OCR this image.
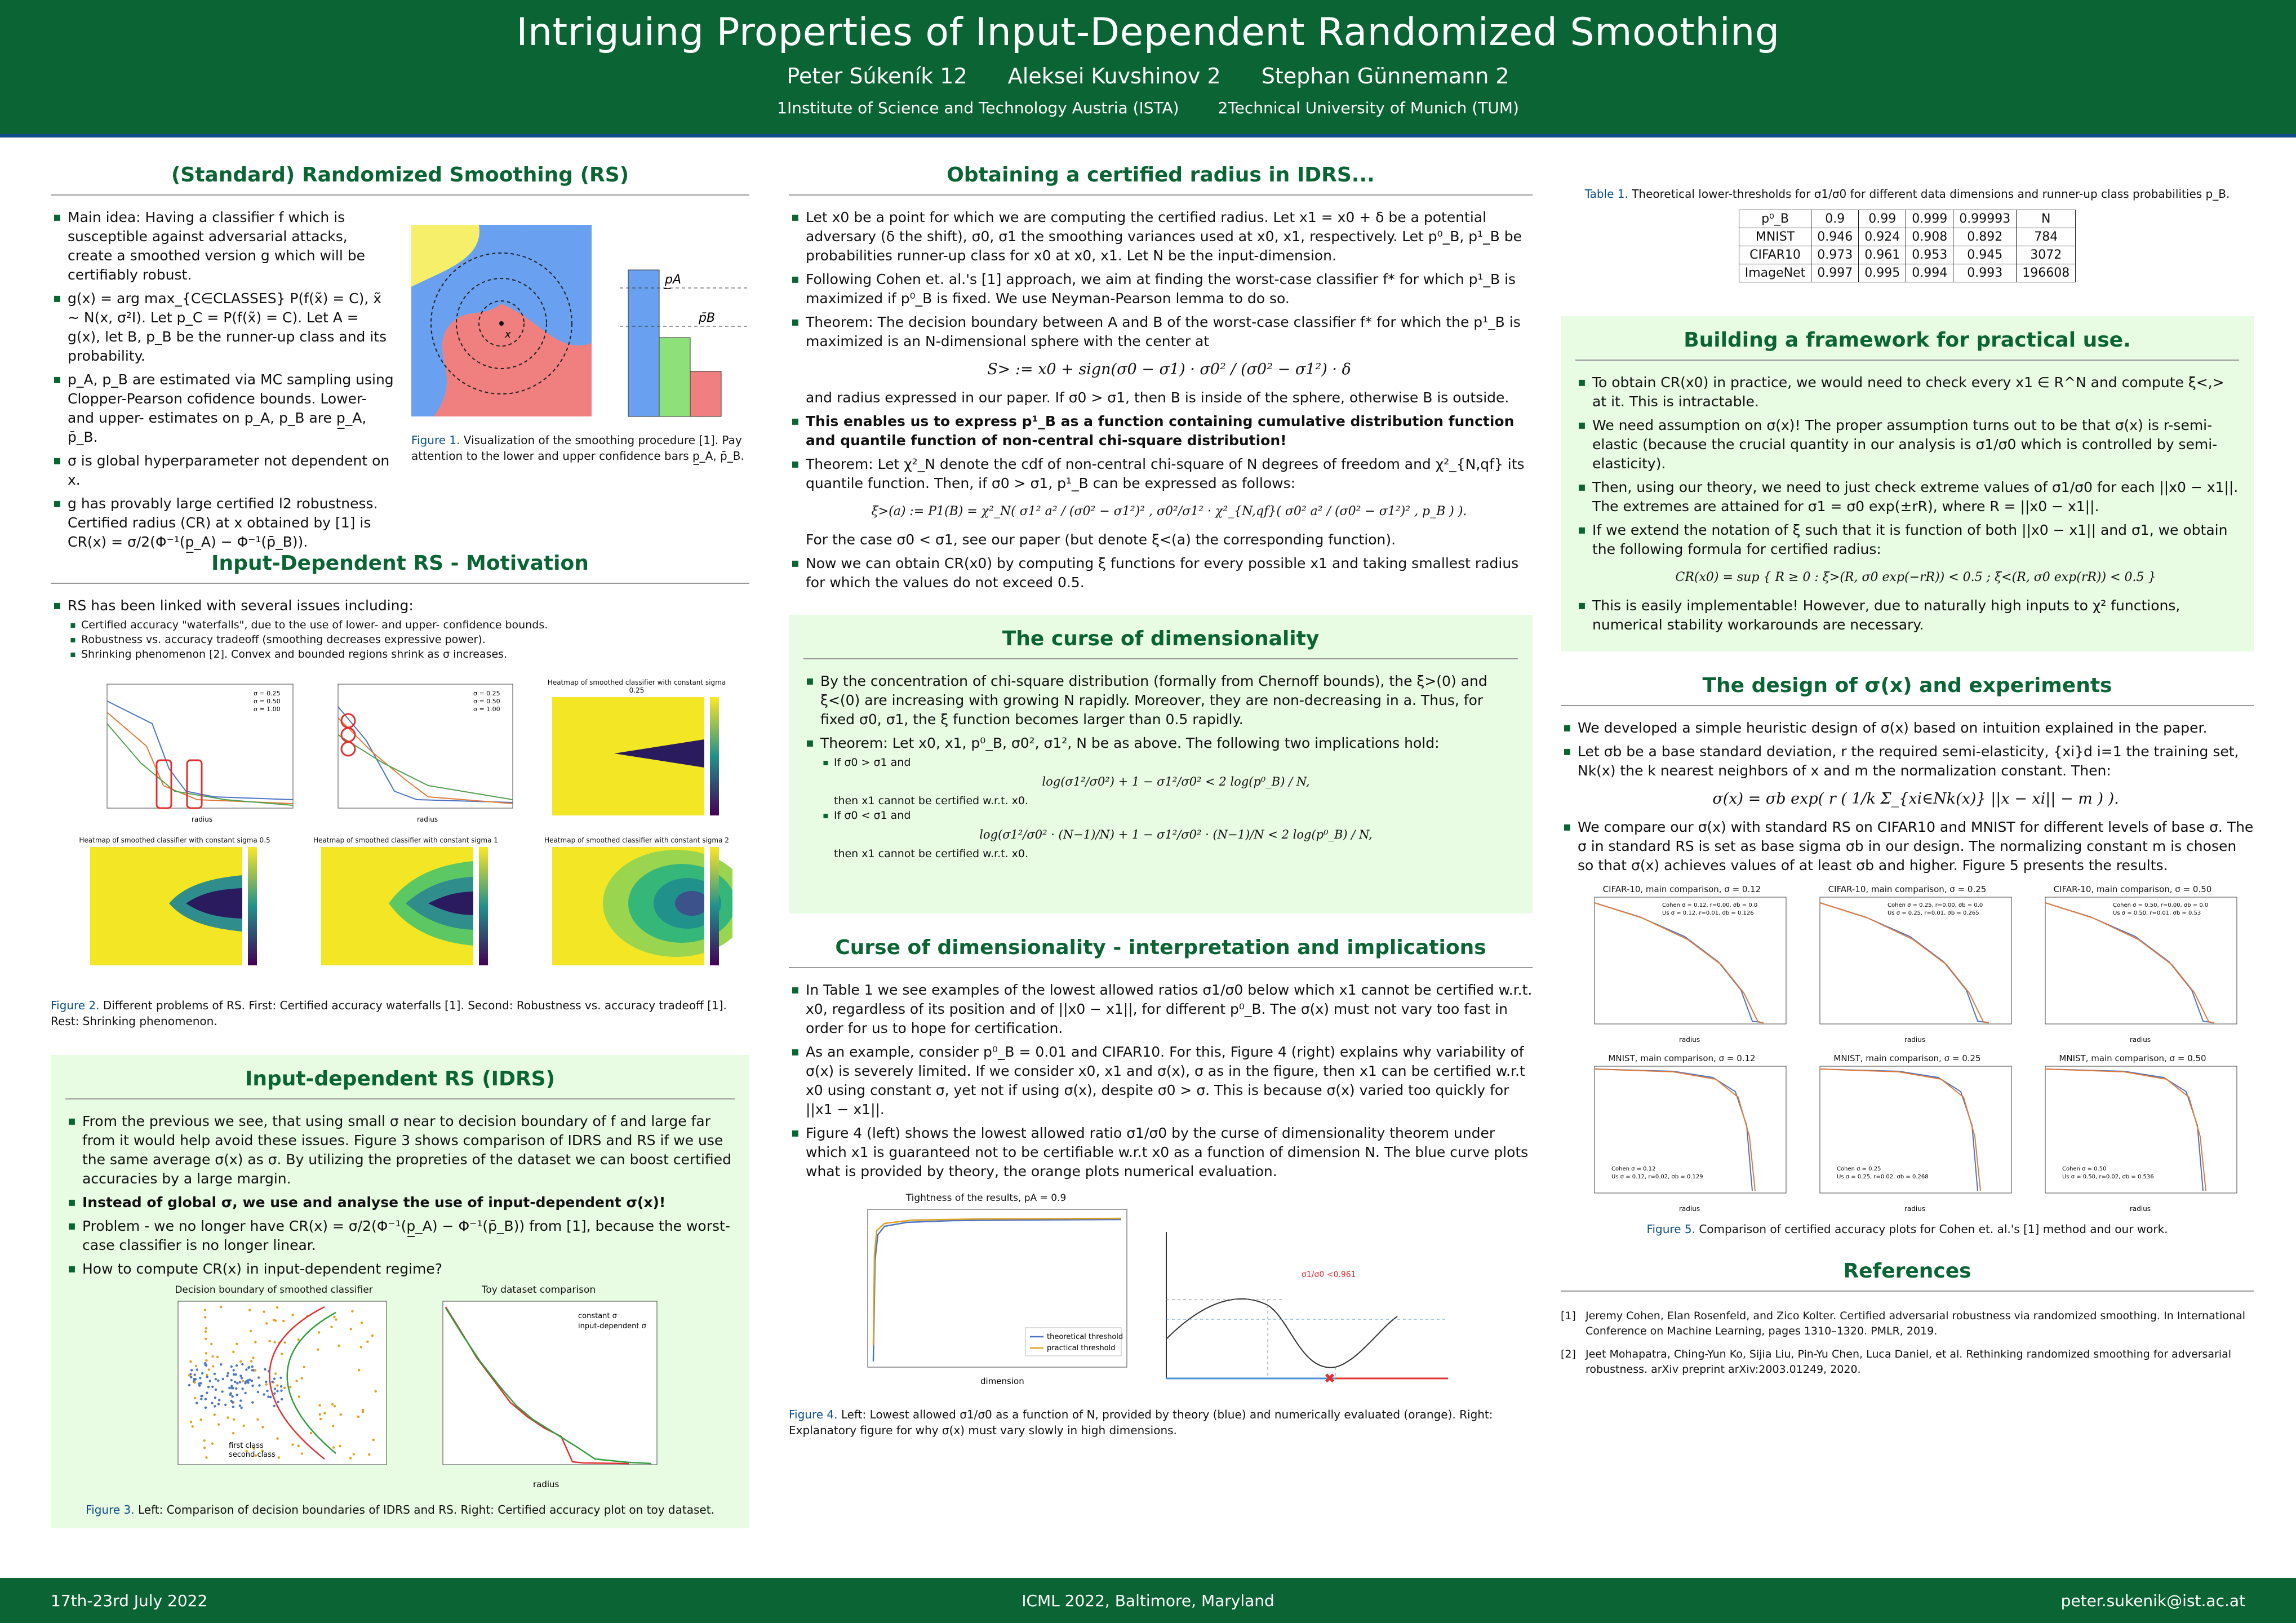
Intriguing Properties of Input-Dependent Randomized Smoothing
Peter Súkeník 12 Aleksei Kuvshinov 2 Stephan Günnemann 2
1Institute of Science and Technology Austria (ISTA) 2Technical University of Munich (TUM)
(Standard) Randomized Smoothing (RS)
▪ Main idea: Having a classifier f which is susceptible against adversarial attacks, create a smoothed version g which will be certifiably robust.
▪ g(x) = arg max_{C∈CLASSES} P(f(x̃) = C), x̃ ∼ N(x, σ²I). Let p_C = P(f(x̃) = C). Let A = g(x), let B, p_B be the runner-up class and its probability.
▪ p_A, p_B are estimated via MC sampling using Clopper-Pearson cofidence bounds. Lower- and upper- estimates on p_A, p_B are p̲_A, p̄_B.
▪ σ is global hyperparameter not dependent on x.
▪ g has provably large certified l2 robustness. Certified radius (CR) at x obtained by [1] is CR(x) = σ/2(Φ⁻¹(p̲_A) − Φ⁻¹(p̄_B)).
x
p̲A
p̄B
Figure 1. Visualization of the smoothing procedure [1]. Pay attention to the lower and upper confidence bars p̲_A, p̄_B.
Input-Dependent RS - Motivation
▪ RS has been linked with several issues including:
▪ Certified accuracy "waterfalls", due to the use of lower- and upper- confidence bounds.
▪ Robustness vs. accuracy tradeoff (smoothing decreases expressive power).
▪ Shrinking phenomenon [2]. Convex and bounded regions shrink as σ increases.
σ = 0.25
σ = 0.50
σ = 1.00
radius
σ = 0.25
σ = 0.50
σ = 1.00
radius
Heatmap of smoothed classifier with constant sigma 0.25
Heatmap of smoothed classifier with constant sigma 0.5	Heatmap of smoothed classifier with constant sigma 1	Heatmap of smoothed classifier with constant sigma 2
Figure 2. Different problems of RS. First: Certified accuracy waterfalls [1]. Second: Robustness vs. accuracy tradeoff [1]. Rest: Shrinking phenomenon.
Input-dependent RS (IDRS)
▪ From the previous we see, that using small σ near to decision boundary of f and large far from it would help avoid these issues. Figure 3 shows comparison of IDRS and RS if we use the same average σ(x) as σ. By utilizing the propreties of the dataset we can boost certified accuracies by a large margin.
▪ Instead of global σ, we use and analyse the use of input-dependent σ(x)!
▪ Problem - we no longer have CR(x) = σ/2(Φ⁻¹(p̲_A) − Φ⁻¹(p̄_B)) from [1], because the worst-case classifier is no longer linear.
▪ How to compute CR(x) in input-dependent regime?
Decision boundary of smoothed classifier
first class
second class
Toy dataset comparison
constant σ
input-dependent σ
radius
Figure 3. Left: Comparison of decision boundaries of IDRS and RS. Right: Certified accuracy plot on toy dataset.
Obtaining a certified radius in IDRS...
▪ Let x0 be a point for which we are computing the certified radius. Let x1 = x0 + δ be a potential adversary (δ the shift), σ0, σ1 the smoothing variances used at x0, x1, respectively. Let p⁰_B, p¹_B be probabilities runner-up class for x0 at x0, x1. Let N be the input-dimension.
▪ Following Cohen et. al.'s [1] approach, we aim at finding the worst-case classifier f* for which p¹_B is maximized if p⁰_B is fixed. We use Neyman-Pearson lemma to do so.
▪ Theorem: The decision boundary between A and B of the worst-case classifier f* for which the p¹_B is maximized is an N-dimensional sphere with the center at
S> := x0 + sign(σ0 − σ1) · σ0² / (σ0² − σ1²) · δ
and radius expressed in our paper. If σ0 > σ1, then B is inside of the sphere, otherwise B is outside.
▪ This enables us to express p¹_B as a function containing cumulative distribution function and quantile function of non-central chi-square distribution!
▪ Theorem: Let χ²_N denote the cdf of non-central chi-square of N degrees of freedom and χ²_{N,qf} its quantile function. Then, if σ0 > σ1, p¹_B can be expressed as follows:
ξ>(a) := P1(B) = χ²_N( σ1² a² / (σ0² − σ1²)² , σ0²/σ1² · χ²_{N,qf}( σ0² a² / (σ0² − σ1²)² , p_B ) ).
For the case σ0 < σ1, see our paper (but denote ξ<(a) the corresponding function).
▪ Now we can obtain CR(x0) by computing ξ functions for every possible x1 and taking smallest radius for which the values do not exceed 0.5.
The curse of dimensionality
▪ By the concentration of chi-square distribution (formally from Chernoff bounds), the ξ>(0) and ξ<(0) are increasing with growing N rapidly. Moreover, they are non-decreasing in a. Thus, for fixed σ0, σ1, the ξ function becomes larger than 0.5 rapidly.
▪ Theorem: Let x0, x1, p⁰_B, σ0², σ1², N be as above. The following two implications hold:
▪ If σ0 > σ1 and
log(σ1²/σ0²) + 1 − σ1²/σ0² < 2 log(p⁰_B) / N,
then x1 cannot be certified w.r.t. x0.
▪ If σ0 < σ1 and
log(σ1²/σ0² · (N−1)/N) + 1 − σ1²/σ0² · (N−1)/N < 2 log(p⁰_B) / N,
then x1 cannot be certified w.r.t. x0.
Curse of dimensionality - interpretation and implications
▪ In Table 1 we see examples of the lowest allowed ratios σ1/σ0 below which x1 cannot be certified w.r.t. x0, regardless of its position and of ||x0 − x1||, for different p⁰_B. The σ(x) must not vary too fast in order for us to hope for certification.
▪ As an example, consider p⁰_B = 0.01 and CIFAR10. For this, Figure 4 (right) explains why variability of σ(x) is severely limited. If we consider x0, x1 and σ(x), σ as in the figure, then x1 can be certified w.r.t x0 using constant σ, yet not if using σ(x), despite σ0 > σ. This is because σ(x) varied too quickly for ||x1 − x1||.
▪ Figure 4 (left) shows the lowest allowed ratio σ1/σ0 by the curse of dimensionality theorem under which x1 is guaranteed not to be certifiable w.r.t x0 as a function of dimension N. The blue curve plots what is provided by theory, the orange plots numerical evaluation.
Tightness of the results, pA = 0.9
theoretical threshold
practical threshold
dimension	✖
σ1/σ0 <0.961
Figure 4. Left: Lowest allowed σ1/σ0 as a function of N, provided by theory (blue) and numerically evaluated (orange). Right: Explanatory figure for why σ(x) must vary slowly in high dimensions.
Table 1. Theoretical lower-thresholds for σ1/σ0 for different data dimensions and runner-up class probabilities p_B.
p⁰_B	0.9	0.99	0.999	0.99993	N
MNIST	0.946	0.924	0.908	0.892	784
CIFAR10	0.973	0.961	0.953	0.945	3072
ImageNet	0.997	0.995	0.994	0.993	196608
Building a framework for practical use.
▪ To obtain CR(x0) in practice, we would need to check every x1 ∈ R^N and compute ξ<,> at it. This is intractable.
▪ We need assumption on σ(x)! The proper assumption turns out to be that σ(x) is r-semi-elastic (because the crucial quantity in our analysis is σ1/σ0 which is controlled by semi-elasticity).
▪ Then, using our theory, we need to just check extreme values of σ1/σ0 for each ||x0 − x1||. The extremes are attained for σ1 = σ0 exp(±rR), where R = ||x0 − x1||.
▪ If we extend the notation of ξ such that it is function of both ||x0 − x1|| and σ1, we obtain the following formula for certified radius:
CR(x0) = sup { R ≥ 0 : ξ>(R, σ0 exp(−rR)) < 0.5 ; ξ<(R, σ0 exp(rR)) < 0.5 }
▪ This is easily implementable! However, due to naturally high inputs to χ² functions, numerical stability workarounds are necessary.
The design of σ(x) and experiments
▪ We developed a simple heuristic design of σ(x) based on intuition explained in the paper.
▪ Let σb be a base standard deviation, r the required semi-elasticity, {xi}d i=1 the training set, Nk(x) the k nearest neighbors of x and m the normalization constant. Then:
σ(x) = σb exp( r ( 1/k Σ_{xi∈Nk(x)} ||x − xi|| − m ) ).
▪ We compare our σ(x) with standard RS on CIFAR10 and MNIST for different levels of base σ. The σ in standard RS is set as base sigma σb in our design. The normalizing constant m is chosen so that σ(x) achieves values of at least σb and higher. Figure 5 presents the results.
CIFAR-10, main comparison, σ = 0.12
Cohen σ = 0.12, r=0.00, σb = 0.0
Us σ = 0.12, r=0.01, σb = 0.126
radius
CIFAR-10, main comparison, σ = 0.25
Cohen σ = 0.25, r=0.00, σb = 0.0
Us σ = 0.25, r=0.01, σb = 0.265
radius
CIFAR-10, main comparison, σ = 0.50
Cohen σ = 0.50, r=0.00, σb = 0.0
Us σ = 0.50, r=0.01, σb = 0.53
radius
MNIST, main comparison, σ = 0.12
Cohen σ = 0.12
Us σ = 0.12, r=0.02, σb = 0.129
radius
MNIST, main comparison, σ = 0.25
Cohen σ = 0.25
Us σ = 0.25, r=0.02, σb = 0.268
radius
MNIST, main comparison, σ = 0.50
Cohen σ = 0.50
Us σ = 0.50, r=0.02, σb = 0.536
radius
Figure 5. Comparison of certified accuracy plots for Cohen et. al.'s [1] method and our work.
References
[1] Jeremy Cohen, Elan Rosenfeld, and Zico Kolter. Certified adversarial robustness via randomized smoothing. In International Conference on Machine Learning, pages 1310–1320. PMLR, 2019.
[2] Jeet Mohapatra, Ching-Yun Ko, Sijia Liu, Pin-Yu Chen, Luca Daniel, et al. Rethinking randomized smoothing for adversarial robustness. arXiv preprint arXiv:2003.01249, 2020.
17th-23rd July 2022	ICML 2022, Baltimore, Maryland	peter.sukenik@ist.ac.at
